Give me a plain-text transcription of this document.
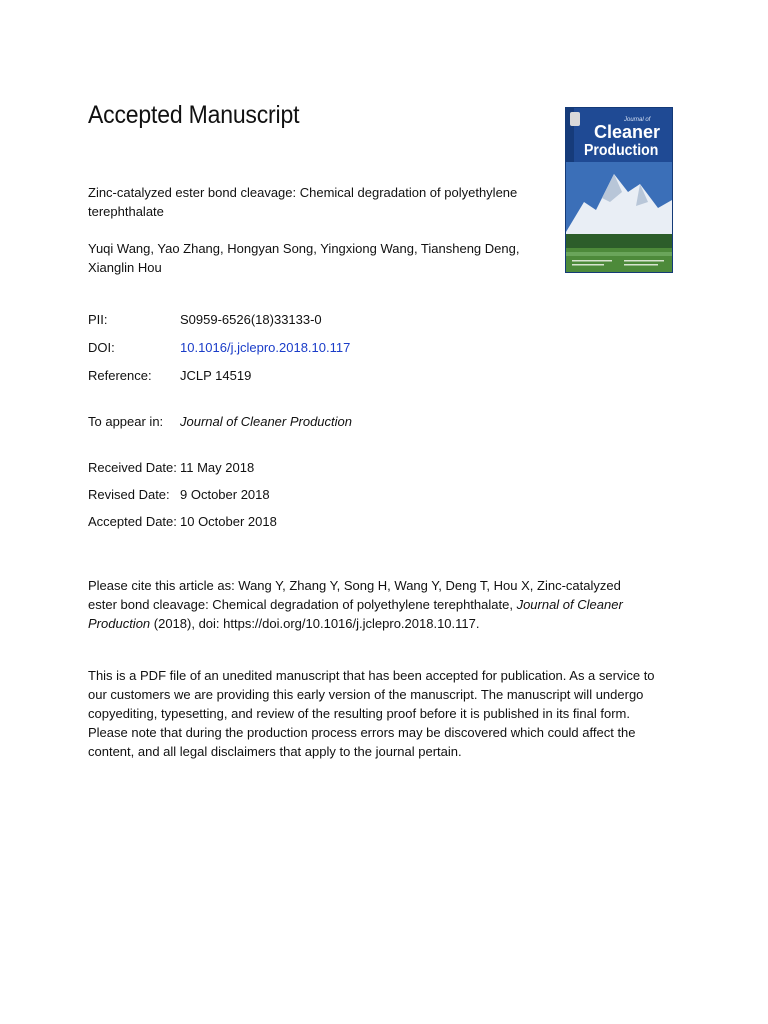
Accepted Manuscript	Journal of
Cleaner
Production
Zinc-catalyzed ester bond cleavage: Chemical degradation of polyethylene terephthalate
Yuqi Wang, Yao Zhang, Hongyan Song, Yingxiong Wang, Tiansheng Deng, Xianglin Hou
PII:	S0959-6526(18)33133-0
DOI:	10.1016/j.jclepro.2018.10.117
Reference: JCLP 14519
To appear in: Journal of Cleaner Production
Received Date: 11 May 2018
Revised Date: 9 October 2018
Accepted Date: 10 October 2018
Please cite this article as: Wang Y, Zhang Y, Song H, Wang Y, Deng T, Hou X, Zinc-catalyzed ester bond cleavage: Chemical degradation of polyethylene terephthalate, Journal of Cleaner Production (2018), doi: https://doi.org/10.1016/j.jclepro.2018.10.117.
This is a PDF file of an unedited manuscript that has been accepted for publication. As a service to our customers we are providing this early version of the manuscript. The manuscript will undergo copyediting, typesetting, and review of the resulting proof before it is published in its final form. Please note that during the production process errors may be discovered which could affect the content, and all legal disclaimers that apply to the journal pertain.
